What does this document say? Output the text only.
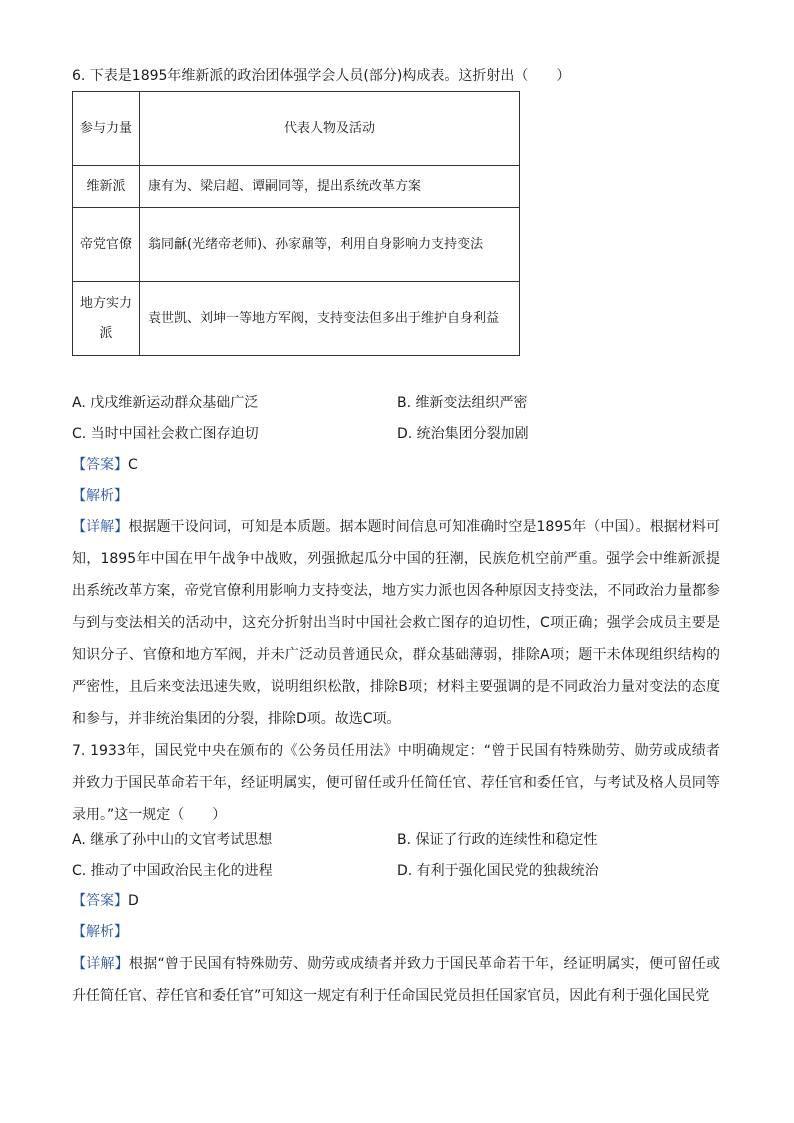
6. 下表是1895年维新派的政治团体强学会人员(部分)构成表。这折射出（　　）
参与力量	代表人物及活动
维新派	康有为、梁启超、谭嗣同等，提出系统改革方案
帝党官僚	翁同龢(光绪帝老师)、孙家鼐等，利用自身影响力支持变法
地方实力派	袁世凯、刘坤一等地方军阀，支持变法但多出于维护自身利益
A. 戊戌维新运动群众基础广泛	B. 维新变法组织严密
C. 当时中国社会救亡图存迫切	D. 统治集团分裂加剧
【答案】C
【解析】
【详解】根据题干设问词，可知是本质题。据本题时间信息可知准确时空是1895年（中国）。根据材料可知，1895年中国在甲午战争中战败，列强掀起瓜分中国的狂潮，民族危机空前严重。强学会中维新派提出系统改革方案，帝党官僚利用影响力支持变法，地方实力派也因各种原因支持变法，不同政治力量都参与到与变法相关的活动中，这充分折射出当时中国社会救亡图存的迫切性，C项正确；强学会成员主要是知识分子、官僚和地方军阀，并未广泛动员普通民众，群众基础薄弱，排除A项；题干未体现组织结构的严密性，且后来变法迅速失败，说明组织松散，排除B项；材料主要强调的是不同政治力量对变法的态度和参与，并非统治集团的分裂，排除D项。故选C项。
7. 1933年，国民党中央在颁布的《公务员任用法》中明确规定：“曾于民国有特殊勋劳、勋劳或成绩者并致力于国民革命若干年，经证明属实，便可留任或升任简任官、荐任官和委任官，与考试及格人员同等录用。”这一规定（　　）
A. 继承了孙中山的文官考试思想	B. 保证了行政的连续性和稳定性
C. 推动了中国政治民主化的进程	D. 有利于强化国民党的独裁统治
【答案】D
【解析】
【详解】根据“曾于民国有特殊勋劳、勋劳或成绩者并致力于国民革命若干年，经证明属实，便可留任或升任简任官、荐任官和委任官”可知这一规定有利于任命国民党员担任国家官员，因此有利于强化国民党
